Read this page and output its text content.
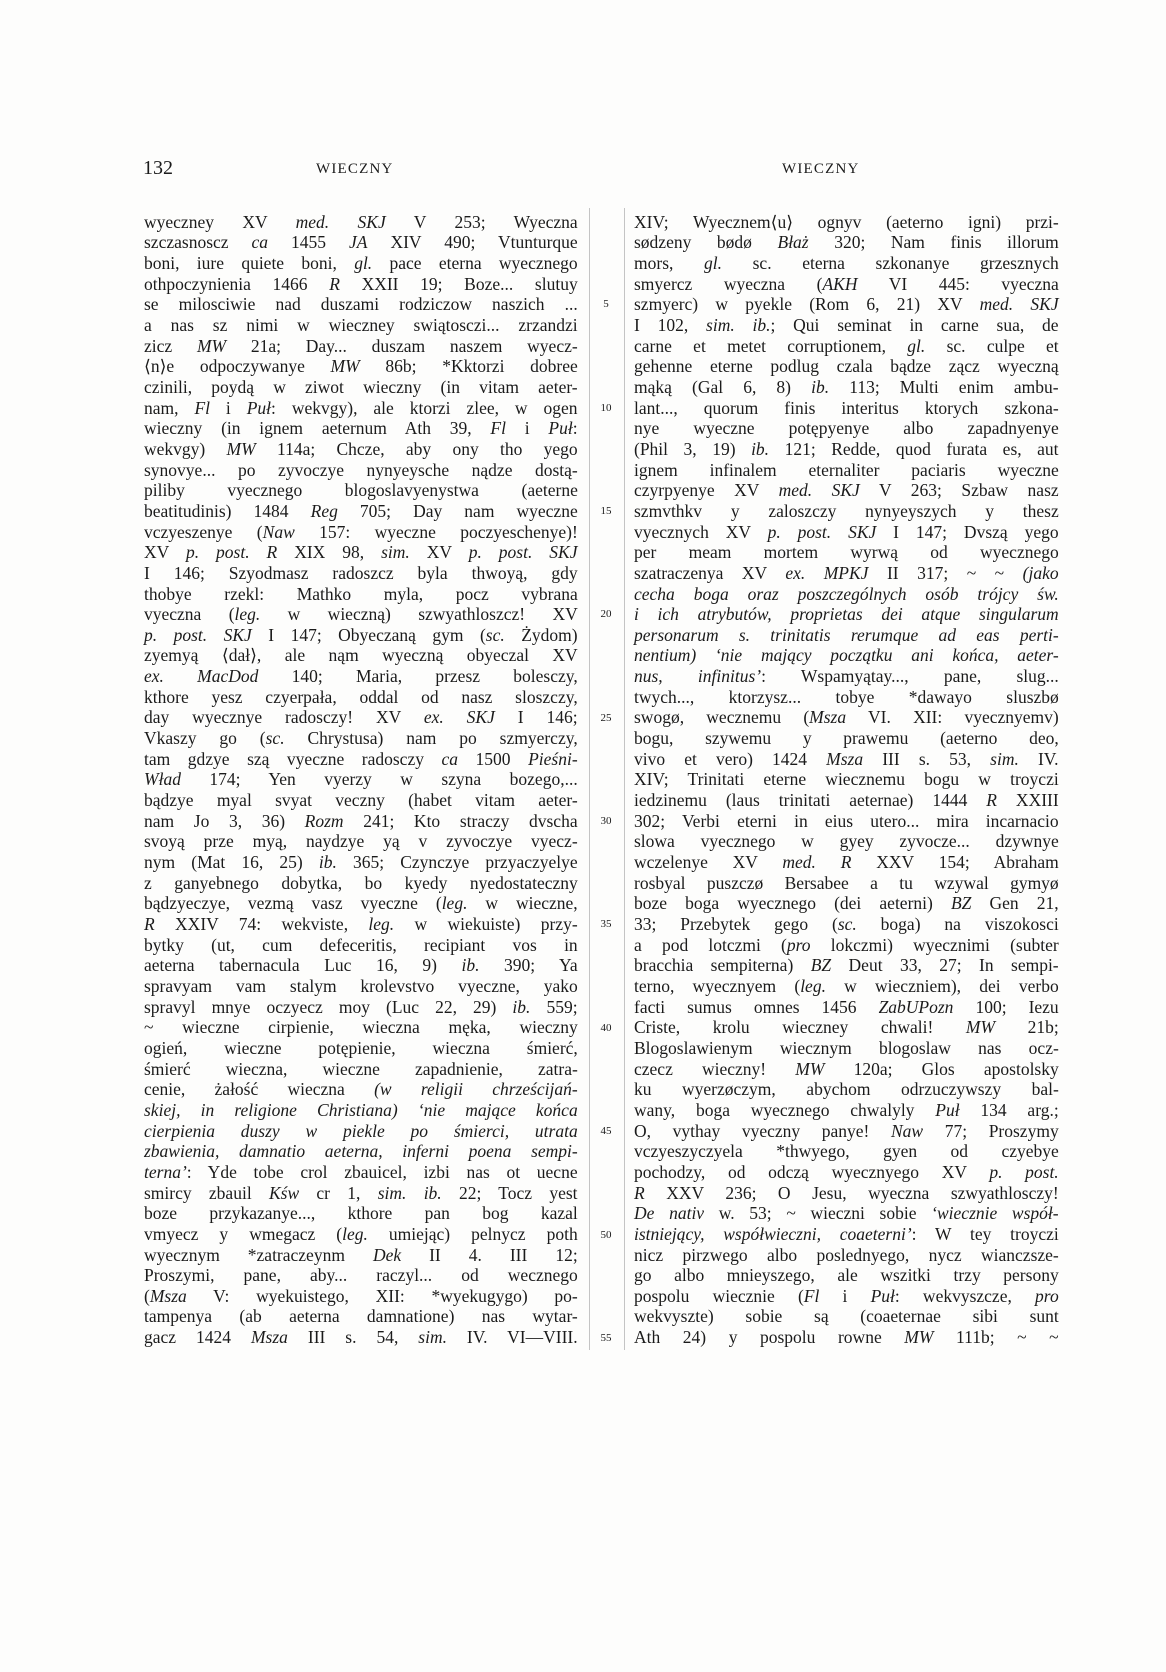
132	WIECZNY	WIECZNY
wyeczney XV med. SKJ V 253; Wyeczna
szczasnoscz ca 1455 JA XIV 490; Vtunturque
boni, iure quiete boni, gl. pace eterna wyecznego
othpoczynienia 1466 R XXII 19; Boze... slutuy
se milosciwie nad duszami rodziczow naszich ...
a nas sz nimi w wieczney swiątosczi... zrzandzi
zicz MW 21a; Day... duszam naszem wyecz-
⟨n⟩e odpoczywanye MW 86b; *Kktorzi dobree
czinili, poydą w ziwot wieczny (in vitam aeter-
nam, Fl i Puł: wekvgy), ale ktorzi zlee, w ogen
wieczny (in ignem aeternum Ath 39, Fl i Puł:
wekvgy) MW 114a; Chcze, aby ony tho yego
synovye... po zyvoczye nynyeysche nądze dostą-
piliby vyecznego blogoslavyenystwa (aeterne
beatitudinis) 1484 Reg 705; Day nam wyeczne
vczyeszenye (Naw 157: wyeczne poczyeschenye)!
XV p. post. R XIX 98, sim. XV p. post. SKJ
I 146; Szyodmasz radoszcz byla thwoyą, gdy
thobye rzekl: Mathko myla, pocz vybrana
vyeczna (leg. w wieczną) szwyathloszcz! XV
p. post. SKJ I 147; Obyeczaną gym (sc. Żydom)
zyemyą ⟨dał⟩, ale nąm wyeczną obyeczal XV
ex. MacDod 140; Maria, przesz bolesczy,
kthore yesz czyerpała, oddal od nasz sloszczy,
day wyecznye radosczy! XV ex. SKJ I 146;
Vkaszy go (sc. Chrystusa) nam po szmyerczy,
tam gdzye szą vyeczne radosczy ca 1500 Pieśni-
Wład 174; Yen vyerzy w szyna bozego,...
bądzye myal svyat veczny (habet vitam aeter-
nam Jo 3, 36) Rozm 241; Kto straczy dvscha
svoyą prze myą, naydzye yą v zyvoczye vyecz-
nym (Mat 16, 25) ib. 365; Czynczye przyaczyelye
z ganyebnego dobytka, bo kyedy nyedostateczny
bądzyeczye, vezmą vasz vyeczne (leg. w wieczne,
R XXIV 74: wekviste, leg. w wiekuiste) przy-
bytky (ut, cum defeceritis, recipiant vos in
aeterna tabernacula Luc 16, 9) ib. 390; Ya
spravyam vam stalym krolevstvo vyeczne, yako
spravyl mnye oczyecz moy (Luc 22, 29) ib. 559;
~ wieczne cirpienie, wieczna męka, wieczny
ogień, wieczne potępienie, wieczna śmierć,
śmierć wieczna, wieczne zapadnienie, zatra-
cenie, żałość wieczna (w religii chrześcijań-
skiej, in religione Christiana) ‘nie mające końca
cierpienia duszy w piekle po śmierci, utrata
zbawienia, damnatio aeterna, inferni poena sempi-
terna’: Yde tobe crol zbauicel, izbi nas ot uecne
smircy zbauil Kśw cr 1, sim. ib. 22; Tocz yest
boze przykazanye..., kthore pan bog kazal
vmyecz y wmegacz (leg. umiejąc) pelnycz poth
wyecznym *zatraczeynm Dek II 4. III 12;
Proszymi, pane, aby... raczyl... od wecznego
(Msza V: wyekuistego, XII: *wyekugygo) po-
tampenya (ab aeterna damnatione) nas wytar-
gacz 1424 Msza III s. 54, sim. IV. VI—VIII.
5
10
15
20
25
30
35
40
45
50
55
XIV; Wyecznem⟨u⟩ ognyv (aeterno igni) przi-
sødzeny bødø Błaż 320; Nam finis illorum
mors, gl. sc. eterna szkonanye grzesznych
smyercz wyeczna (AKH VI 445: vyeczna
szmyerc) w pyekle (Rom 6, 21) XV med. SKJ
I 102, sim. ib.; Qui seminat in carne sua, de
carne et metet corruptionem, gl. sc. culpe et
gehenne eterne podlug czala bądze zącz wyeczną
mąką (Gal 6, 8) ib. 113; Multi enim ambu-
lant..., quorum finis interitus ktorych szkona-
nye wyeczne potępyenye albo zapadnyenye
(Phil 3, 19) ib. 121; Redde, quod furata es, aut
ignem infinalem eternaliter paciaris wyeczne
czyrpyenye XV med. SKJ V 263; Szbaw nasz
szmvthkv y zaloszczy nynyeyszych y thesz
vyecznych XV p. post. SKJ I 147; Dvszą yego
per meam mortem wyrwą od wyecznego
szatraczenya XV ex. MPKJ II 317; ~ ~ (jako
cecha boga oraz poszczególnych osób trójcy św.
i ich atrybutów, proprietas dei atque singularum
personarum s. trinitatis rerumque ad eas perti-
nentium) ‘nie mający początku ani końca, aeter-
nus, infinitus’: Wspamyątay..., pane, slug...
twych..., ktorzysz... tobye *dawayo sluszbø
swogø, wecznemu (Msza VI. XII: vyecznyemv)
bogu, szywemu y prawemu (aeterno deo,
vivo et vero) 1424 Msza III s. 53, sim. IV.
XIV; Trinitati eterne wiecznemu bogu w troyczi
iedzinemu (laus trinitati aeternae) 1444 R XXIII
302; Verbi eterni in eius utero... mira incarnacio
slowa vyecznego w gyey zyvocze... dzywnye
wczelenye XV med. R XXV 154; Abraham
rosbyal puszczø Bersabee a tu wzywal gymyø
boze boga wyecznego (dei aeterni) BZ Gen 21,
33; Przebytek gego (sc. boga) na viszokosci
a pod lotczmi (pro lokczmi) wyecznimi (subter
bracchia sempiterna) BZ Deut 33, 27; In sempi-
terno, wyecznyem (leg. w wieczniem), dei verbo
facti sumus omnes 1456 ZabUPozn 100; Iezu
Criste, krolu wieczney chwali! MW 21b;
Blogoslawienym wiecznym blogoslaw nas ocz-
czecz wieczny! MW 120a; Glos apostolsky
ku wyerzøczym, abychom odrzuczywszy bal-
wany, boga wyecznego chwalyly Puł 134 arg.;
O, vythay vyeczny panye! Naw 77; Proszymy
vczyeszyczyela *thwyego, gyen od czyebye
pochodzy, od odczą wyecznyego XV p. post.
R XXV 236; O Jesu, wyeczna szwyathlosczy!
De nativ w. 53; ~ wieczni sobie ‘wiecznie współ-
istniejący, współwieczni, coaeterni’: W tey troyczi
nicz pirzwego albo poslednyego, nycz wianczsze-
go albo mnieyszego, ale wszitki trzy persony
pospolu wiecznie (Fl i Puł: wekvyszcze, pro
wekvyszte) sobie są (coaeternae sibi sunt
Ath 24) y pospolu rowne MW 111b; ~ ~
